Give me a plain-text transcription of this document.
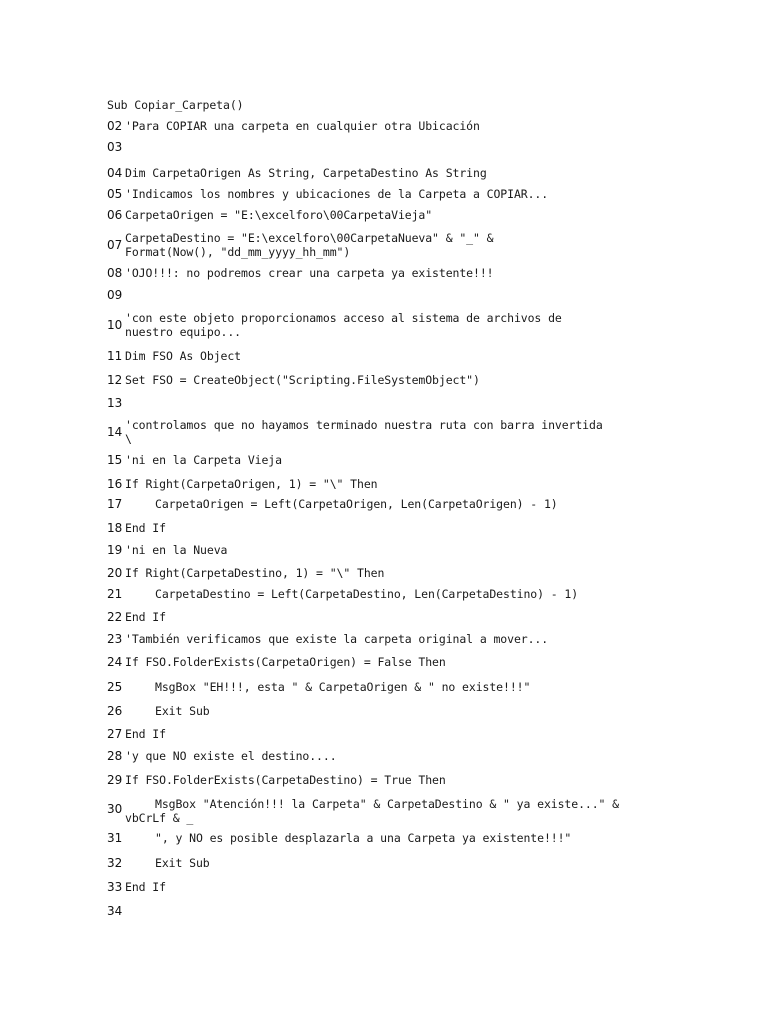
Sub Copiar_Carpeta()
02 'Para COPIAR una carpeta en cualquier otra Ubicación
03
04 Dim CarpetaOrigen As String, CarpetaDestino As String
05 'Indicamos los nombres y ubicaciones de la Carpeta a COPIAR...
06 CarpetaOrigen = "E:\excelforo\00CarpetaVieja"
07 CarpetaDestino = "E:\excelforo\00CarpetaNueva" & "_" &
Format(Now(), "dd_mm_yyyy_hh_mm")
08 'OJO!!!: no podremos crear una carpeta ya existente!!!
09
10 'con este objeto proporcionamos acceso al sistema de archivos de
nuestro equipo...
11 Dim FSO As Object
12 Set FSO = CreateObject("Scripting.FileSystemObject")
13
14 'controlamos que no hayamos terminado nuestra ruta con barra invertida
\
15 'ni en la Carpeta Vieja
16 If Right(CarpetaOrigen, 1) = "\" Then
17	CarpetaOrigen = Left(CarpetaOrigen, Len(CarpetaOrigen) - 1)
18 End If
19 'ni en la Nueva
20 If Right(CarpetaDestino, 1) = "\" Then
21	CarpetaDestino = Left(CarpetaDestino, Len(CarpetaDestino) - 1)
22 End If
23 'También verificamos que existe la carpeta original a mover...
24 If FSO.FolderExists(CarpetaOrigen) = False Then
25	MsgBox "EH!!!, esta " & CarpetaOrigen & " no existe!!!"
26	Exit Sub
27 End If
28 'y que NO existe el destino....
29 If FSO.FolderExists(CarpetaDestino) = True Then
30	MsgBox "Atención!!! la Carpeta" & CarpetaDestino & " ya existe..." &
vbCrLf & _
31	", y NO es posible desplazarla a una Carpeta ya existente!!!"
32	Exit Sub
33 End If
34
